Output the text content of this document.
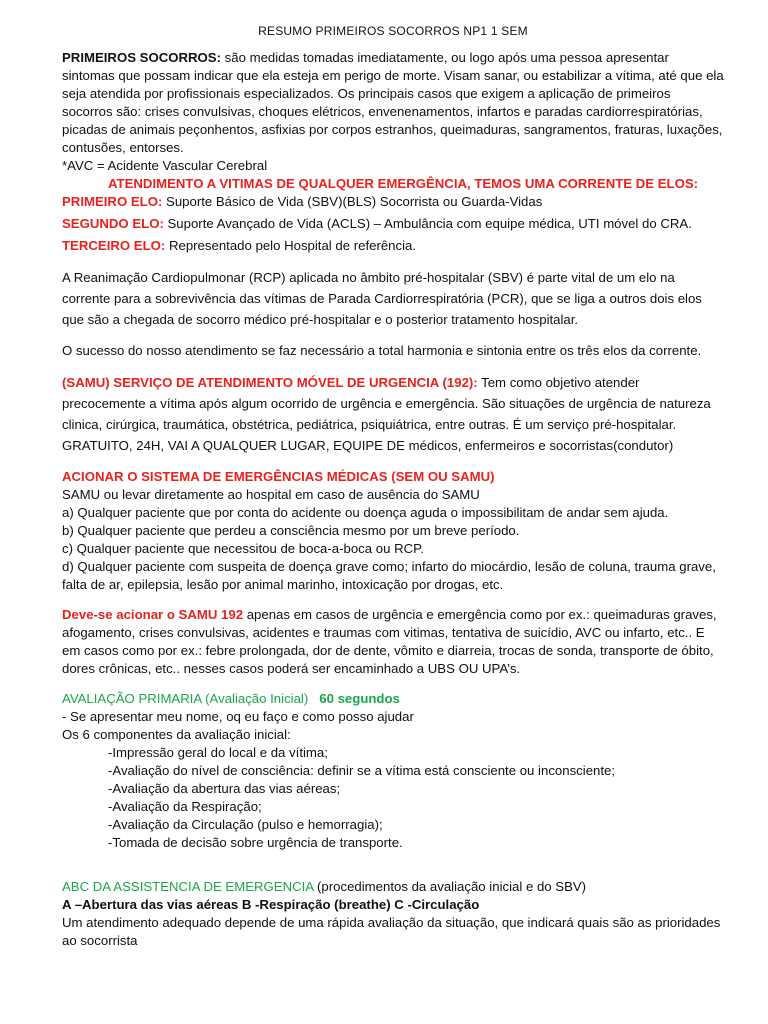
RESUMO PRIMEIROS SOCORROS NP1 1 SEM

PRIMEIROS SOCORROS: são medidas tomadas imediatamente, ou logo após uma pessoa apresentar sintomas que possam indicar que ela esteja em perigo de morte. Visam sanar, ou estabilizar a vítima, até que ela seja atendida por profissionais especializados. Os principais casos que exigem a aplicação de primeiros socorros são: crises convulsivas, choques elétricos, envenenamentos, infartos e paradas cardiorrespiratórias, picadas de animais peçonhentos, asfixias por corpos estranhos, queimaduras, sangramentos, fraturas, luxações, contusões, entorses.

*AVC = Acidente Vascular Cerebral

ATENDIMENTO A VITIMAS DE QUALQUER EMERGÊNCIA, TEMOS UMA CORRENTE DE ELOS:

PRIMEIRO ELO: Suporte Básico de Vida (SBV)(BLS) Socorrista ou Guarda-Vidas

SEGUNDO ELO: Suporte Avançado de Vida (ACLS) – Ambulância com equipe médica, UTI móvel do CRA.

TERCEIRO ELO: Representado pelo Hospital de referência.

A Reanimação Cardiopulmonar (RCP) aplicada no âmbito pré-hospitalar (SBV) é parte vital de um elo na corrente para a sobrevivência das vítimas de Parada Cardiorrespiratória (PCR), que se liga a outros dois elos que são a chegada de socorro médico pré-hospitalar e o posterior tratamento hospitalar.

O sucesso do nosso atendimento se faz necessário a total harmonia e sintonia entre os três elos da corrente.

(SAMU) SERVIÇO DE ATENDIMENTO MÓVEL DE URGENCIA (192): Tem como objetivo atender precocemente a vítima após algum ocorrido de urgência e emergência. São situações de urgência de natureza clinica, cirúrgica, traumática, obstétrica, pediátrica, psiquiátrica, entre outras. É um serviço pré-hospitalar. GRATUITO, 24H, VAI A QUALQUER LUGAR, EQUIPE DE médicos, enfermeiros e socorristas(condutor)

ACIONAR O SISTEMA DE EMERGÊNCIAS MÉDICAS (SEM OU SAMU)

SAMU ou levar diretamente ao hospital em caso de ausência do SAMU

a) Qualquer paciente que por conta do acidente ou doença aguda o impossibilitam de andar sem ajuda.

b) Qualquer paciente que perdeu a consciência mesmo por um breve período.

c) Qualquer paciente que necessitou de boca-a-boca ou RCP.

d) Qualquer paciente com suspeita de doença grave como; infarto do miocárdio, lesão de coluna, trauma grave, falta de ar, epilepsia, lesão por animal marinho, intoxicação por drogas, etc.

Deve-se acionar o SAMU 192 apenas em casos de urgência e emergência como por ex.: queimaduras graves, afogamento, crises convulsivas, acidentes e traumas com vitimas, tentativa de suicídio, AVC ou infarto, etc.. E em casos como por ex.: febre prolongada, dor de dente, vômito e diarreia, trocas de sonda, transporte de óbito, dores crônicas, etc.. nesses casos poderá ser encaminhado a UBS OU UPA’s.

AVALIAÇÃO PRIMARIA (Avaliação Inicial)   60 segundos

- Se apresentar meu nome, oq eu faço e como posso ajudar

Os 6 componentes da avaliação inicial:

-Impressão geral do local e da vítima;

-Avaliação do nível de consciência: definir se a vítima está consciente ou inconsciente;

-Avaliação da abertura das vias aéreas;

-Avaliação da Respiração;

-Avaliação da Circulação (pulso e hemorragia);

-Tomada de decisão sobre urgência de transporte.

ABC DA ASSISTENCIA DE EMERGENCIA (procedimentos da avaliação inicial e do SBV)

A –Abertura das vias aéreas B -Respiração (breathe) C -Circulação

Um atendimento adequado depende de uma rápida avaliação da situação, que indicará quais são as prioridades ao socorrista
